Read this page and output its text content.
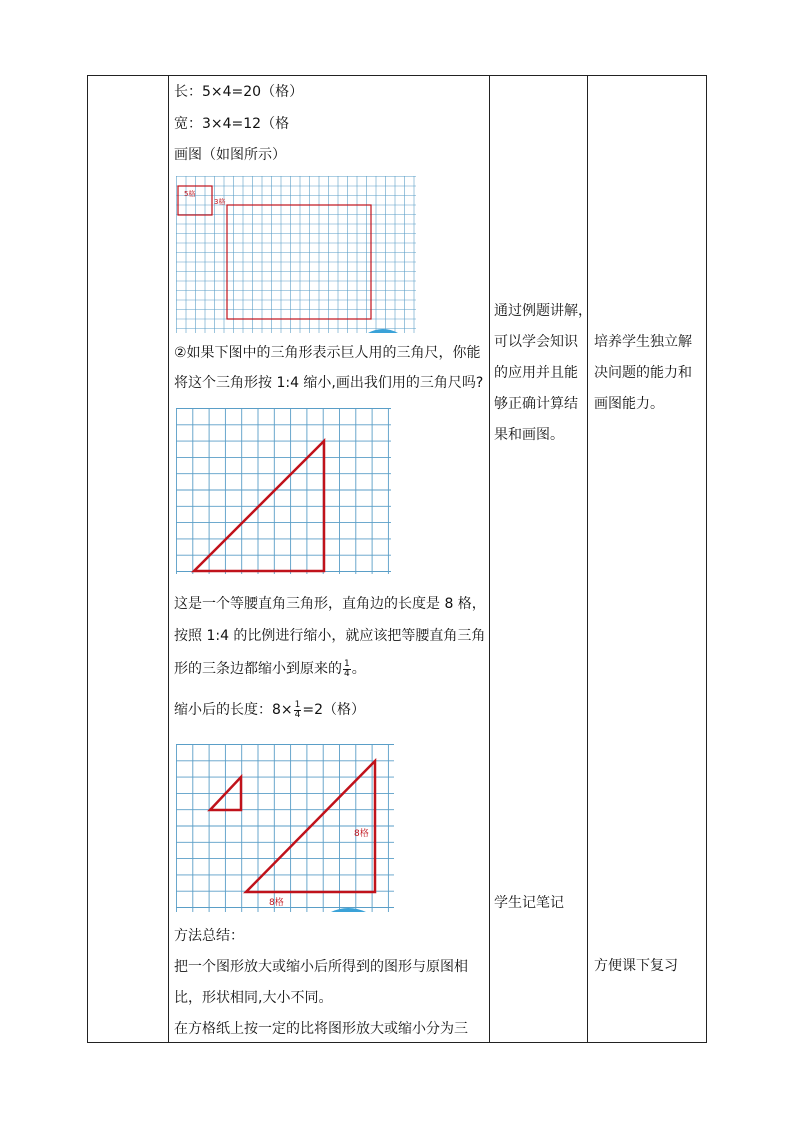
长：5×4=20（格）
宽：3×4=12（格
画图（如图所示）
5格
3格
②如果下图中的三角形表示巨人用的三角尺，你能
将这个三角形按 1:4 缩小,画出我们用的三角尺吗?
这是一个等腰直角三角形，直角边的长度是 8 格，
按照 1:4 的比例进行缩小，就应该把等腰直角三角
形的三条边都缩小到原来的 $\frac{1}{4}$ 。
缩小后的长度：$8\times \frac{1}{4} =2$（格）
8格
8格
方法总结：
把一个图形放大或缩小后所得到的图形与原图相
比，形状相同,大小不同。
在方格纸上按一定的比将图形放大或缩小分为三
通过例题讲解，
可以学会知识
的应用并且能
够正确计算结
果和画图。
学生记笔记
培养学生独立解
决问题的能力和
画图能力。
方便课下复习
